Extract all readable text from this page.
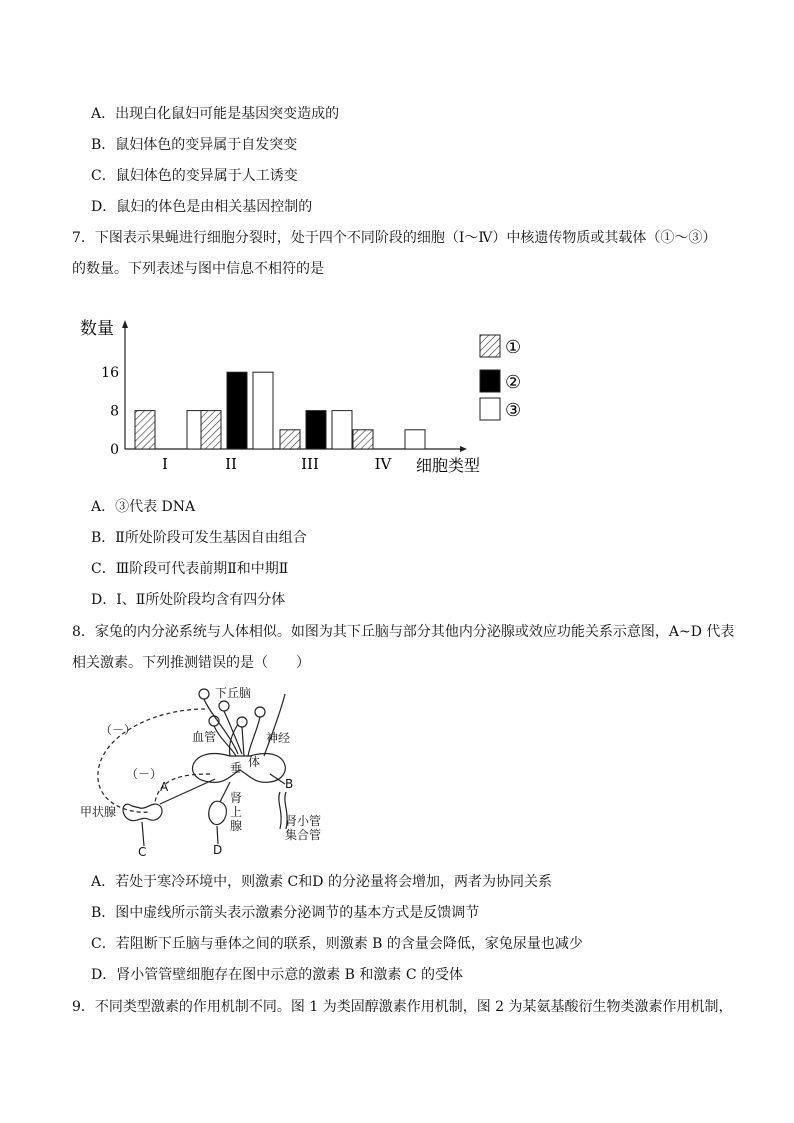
A．出现白化鼠妇可能是基因突变造成的
B．鼠妇体色的变异属于自发突变
C．鼠妇体色的变异属于人工诱变
D．鼠妇的体色是由相关基因控制的
7．下图表示果蝇进行细胞分裂时，处于四个不同阶段的细胞（Ⅰ～Ⅳ）中核遗传物质或其载体（①～③）
的数量。下列表述与图中信息不相符的是
数量
0
8
16
细胞类型
I	II	III	IV
①
②
③
A．③代表 DNA
B．Ⅱ所处阶段可发生基因自由组合
C．Ⅲ阶段可代表前期Ⅱ和中期Ⅱ
D．Ⅰ、Ⅱ所处阶段均含有四分体
8．家兔的内分泌系统与人体相似。如图为其下丘脑与部分其他内分泌腺或效应功能关系示意图，A~D 代表
相关激素。下列推测错误的是（　　）
下丘脑
血管	神经
垂 体
（－）
（－）
甲状腺
肾
上
腺	肾小管
集合管
A	B
C	D
A．若处于寒冷环境中，则激素 C和D 的分泌量将会增加，两者为协同关系
B．图中虚线所示箭头表示激素分泌调节的基本方式是反馈调节
C．若阻断下丘脑与垂体之间的联系，则激素 B 的含量会降低，家兔尿量也减少
D．肾小管管壁细胞存在图中示意的激素 B 和激素 C 的受体
9．不同类型激素的作用机制不同。图 1 为类固醇激素作用机制，图 2 为某氨基酸衍生物类激素作用机制，
